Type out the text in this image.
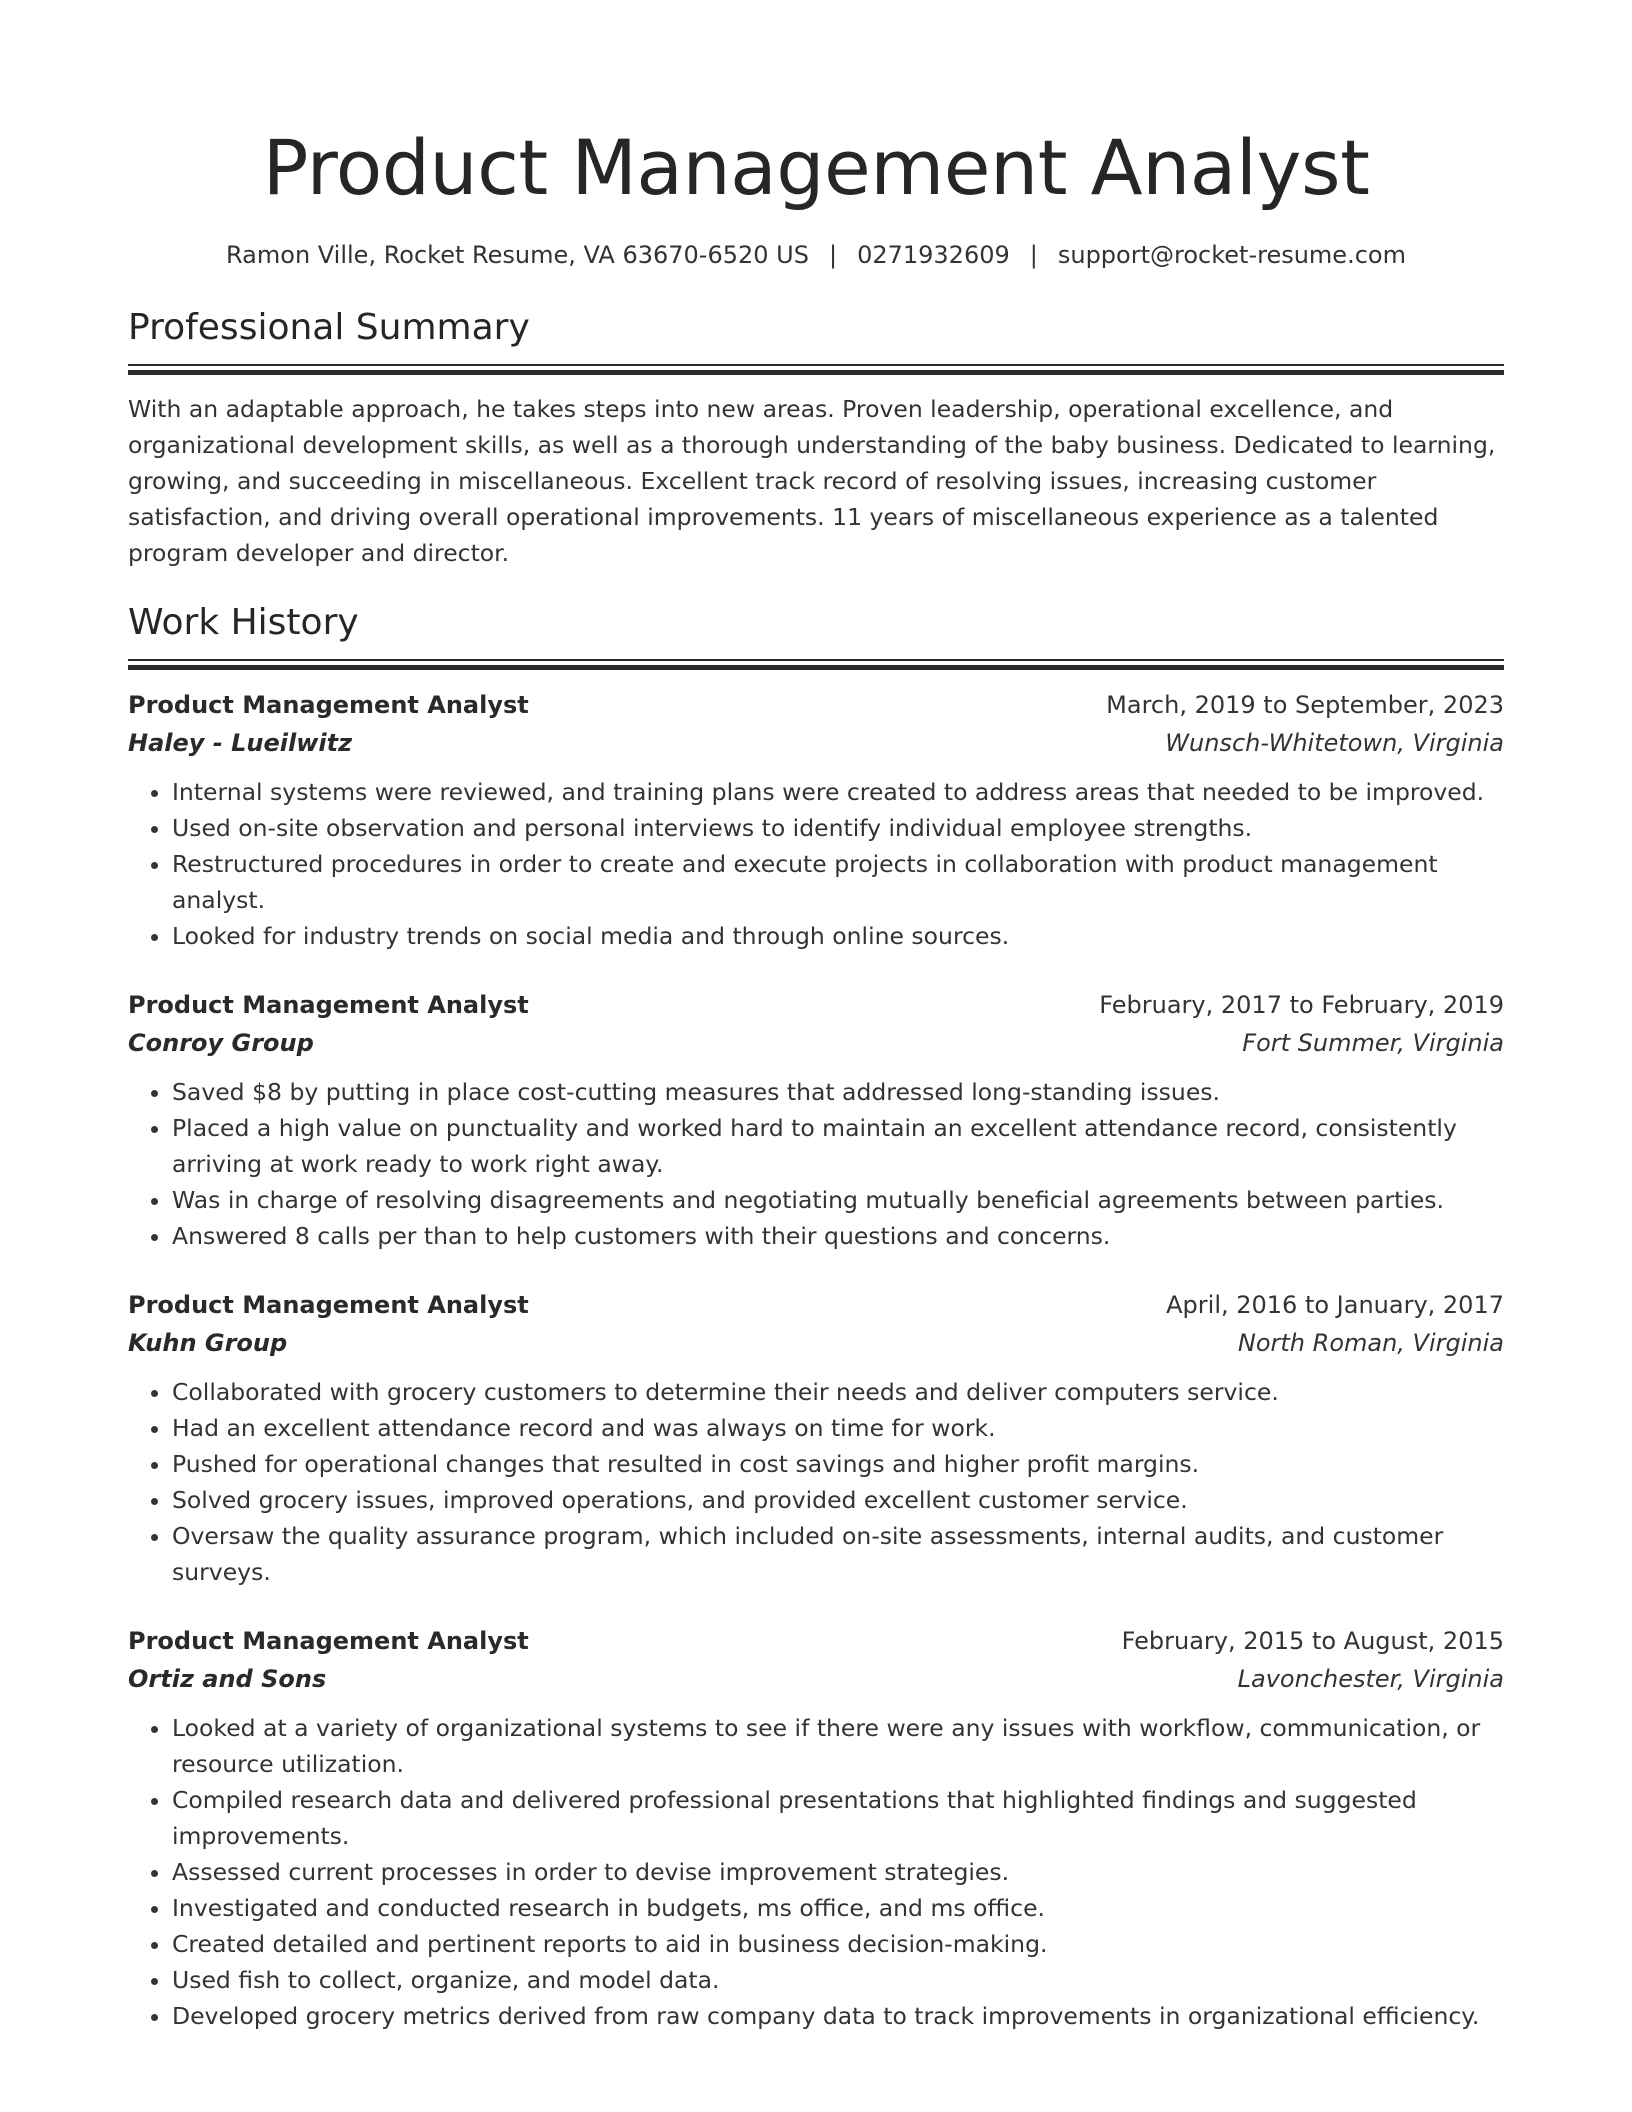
Product Management Analyst
Ramon Ville, Rocket Resume, VA 63670-6520 US | 0271932609 | support@rocket-resume.com
Professional Summary

With an adaptable approach, he takes steps into new areas. Proven leadership, operational excellence, and organizational development skills, as well as a thorough understanding of the baby business. Dedicated to learning, growing, and succeeding in miscellaneous. Excellent track record of resolving issues, increasing customer satisfaction, and driving overall operational improvements. 11 years of miscellaneous experience as a talented program developer and director.

Work History
Product Management Analyst	March, 2019 to September, 2023
Haley - Lueilwitz	Wunsch-Whitetown, Virginia
• Internal systems were reviewed, and training plans were created to address areas that needed to be improved.
• Used on-site observation and personal interviews to identify individual employee strengths.
• Restructured procedures in order to create and execute projects in collaboration with product management analyst.
• Looked for industry trends on social media and through online sources.
Product Management Analyst	February, 2017 to February, 2019
Conroy Group	Fort Summer, Virginia
• Saved $8 by putting in place cost-cutting measures that addressed long-standing issues.
• Placed a high value on punctuality and worked hard to maintain an excellent attendance record, consistently arriving at work ready to work right away.
• Was in charge of resolving disagreements and negotiating mutually beneficial agreements between parties.
• Answered 8 calls per than to help customers with their questions and concerns.
Product Management Analyst	April, 2016 to January, 2017
Kuhn Group	North Roman, Virginia
• Collaborated with grocery customers to determine their needs and deliver computers service.
• Had an excellent attendance record and was always on time for work.
• Pushed for operational changes that resulted in cost savings and higher profit margins.
• Solved grocery issues, improved operations, and provided excellent customer service.
• Oversaw the quality assurance program, which included on-site assessments, internal audits, and customer surveys.
Product Management Analyst	February, 2015 to August, 2015
Ortiz and Sons	Lavonchester, Virginia
• Looked at a variety of organizational systems to see if there were any issues with workflow, communication, or resource utilization.
• Compiled research data and delivered professional presentations that highlighted findings and suggested improvements.
• Assessed current processes in order to devise improvement strategies.
• Investigated and conducted research in budgets, ms office, and ms office.
• Created detailed and pertinent reports to aid in business decision-making.
• Used fish to collect, organize, and model data.
• Developed grocery metrics derived from raw company data to track improvements in organizational efficiency.
